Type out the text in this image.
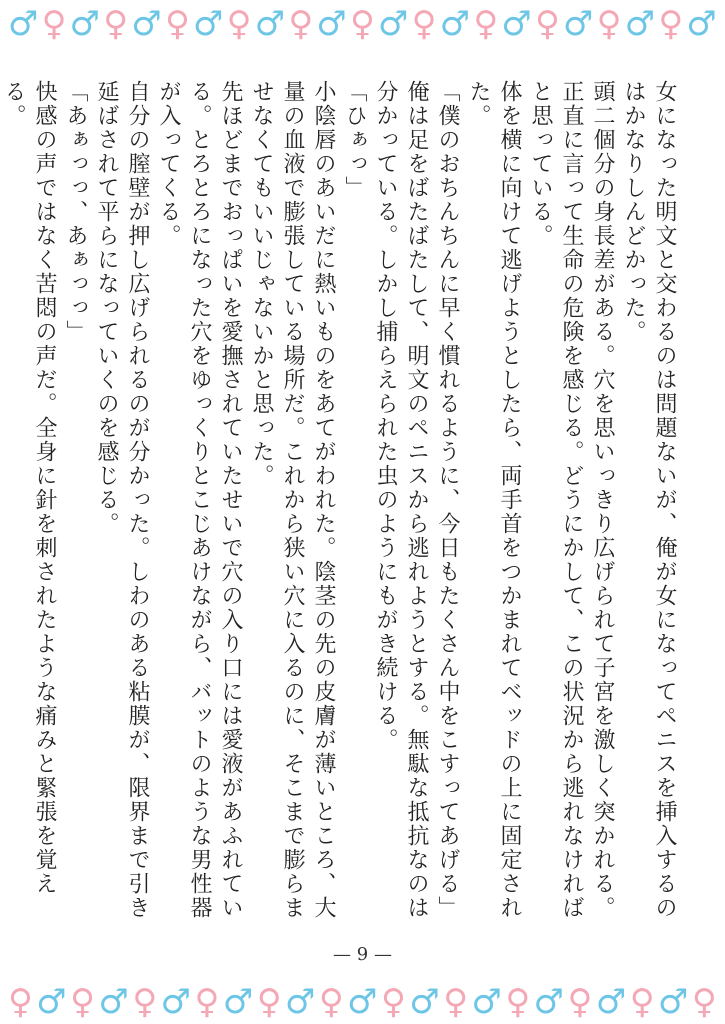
♂ ♀ ♂ ♀ ♂ ♀ ♂ ♀ ♂ ♀ ♂ ♀ ♂ ♀ ♂ ♀ ♂ ♀ ♂ ♀ ♂ ♀ ♂

女になった明文と交わるのは問題ないが、俺が女になってペニスを挿入するのはかなりしんどかった。

頭二個分の身長差がある。穴を思いっきり広げられて子宮を激しく突かれる。正直に言って生命の危険を感じる。どうにかして、この状況から逃れなければと思っている。

体を横に向けて逃げようとしたら、両手首をつかまれてベッドの上に固定された。

「僕のおちんちんに早く慣れるように、今日もたくさん中をこすってあげる」

俺は足をばたばたして、明文のペニスから逃れようとする。無駄な抵抗なのは分かっている。しかし捕らえられた虫のようにもがき続ける。

「ひぁっ」

小陰唇のあいだに熱いものをあてがわれた。陰茎の先の皮膚が薄いところ、大量の血液で膨張している場所だ。これから狭い穴に入るのに、そこまで膨らませなくてもいいじゃないかと思った。

先ほどまでおっぱいを愛撫されていたせいで穴の入り口には愛液があふれている。とろとろになった穴をゆっくりとこじあけながら、バットのような男性器が入ってくる。

自分の膣壁が押し広げられるのが分かった。しわのある粘膜が、限界まで引き延ばされて平らになっていくのを感じる。

「あぁっっ、あぁっっ」

快感の声ではなく苦悶の声だ。全身に針を刺されたような痛みと緊張を覚える。

— 9 —
♀ ♂ ♀ ♂ ♀ ♂ ♀ ♂ ♀ ♂ ♀ ♂ ♀ ♂ ♀ ♂ ♀ ♂ ♀ ♂ ♀ ♂ ♀
